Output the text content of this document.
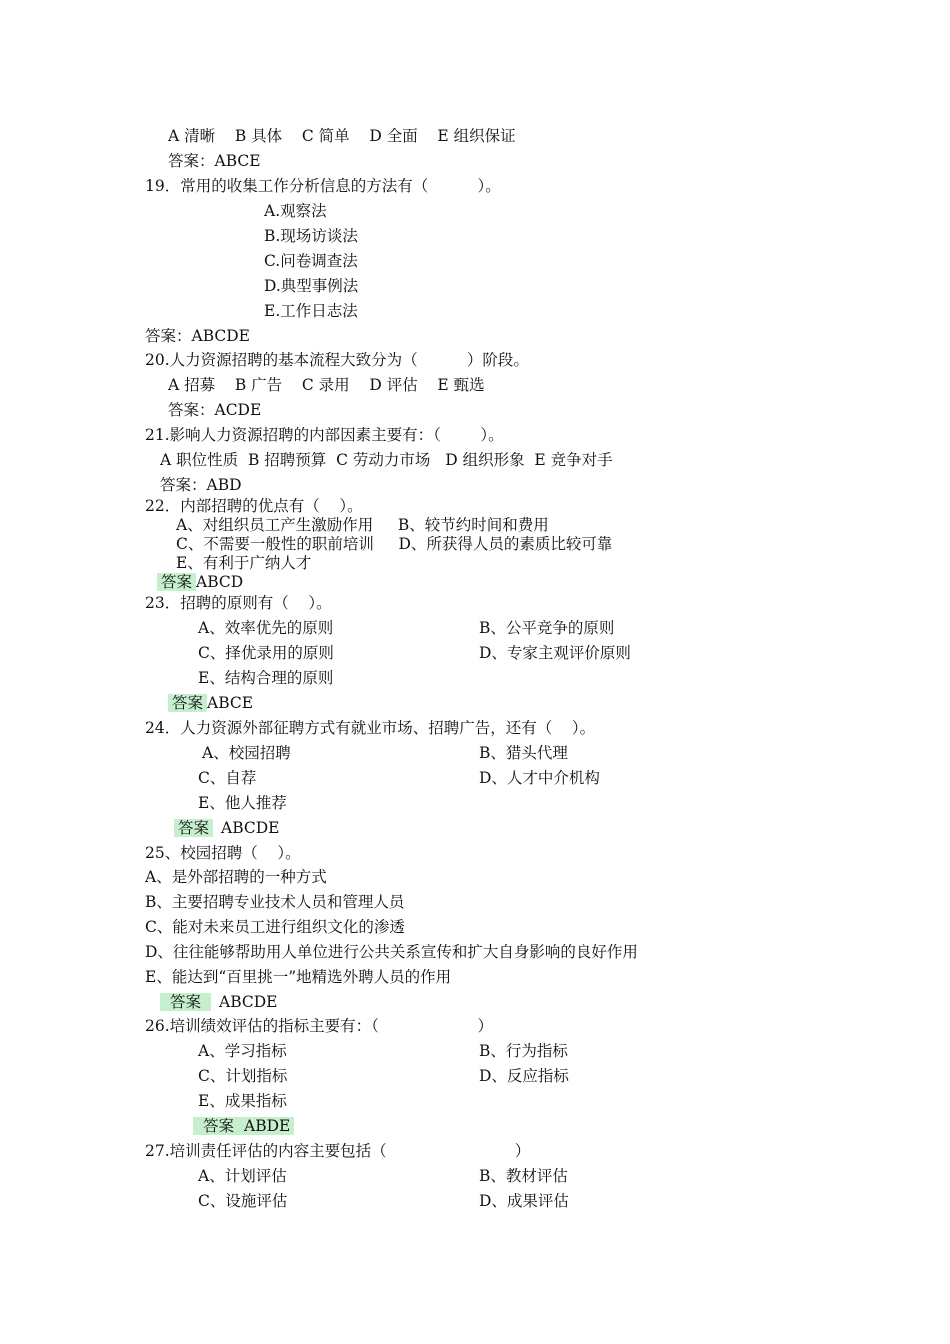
A 清晰    B 具体    C 简单    D 全面    E 组织保证
答案：ABCE
19．常用的收集工作分析信息的方法有（          ）。
A.观察法
B.现场访谈法
C.问卷调查法
D.典型事例法
E.工作日志法
答案：ABCDE
20.人力资源招聘的基本流程大致分为（          ）阶段。
A 招募    B 广告    C 录用    D 评估    E 甄选
答案：ACDE
21.影响人力资源招聘的内部因素主要有：（        ）。
A 职位性质  B 招聘预算  C 劳动力市场   D 组织形象  E 竞争对手
答案：ABD
22．内部招聘的优点有（    ）。
A、对组织员工产生激励作用     B、较节约时间和费用
C、不需要一般性的职前培训     D、所获得人员的素质比较可靠
E、有利于广纳人才
答案 ABCD
23．招聘的原则有（    ）。
A、效率优先的原则	B、公平竞争的原则
C、择优录用的原则	D、专家主观评价原则
E、结构合理的原则
答案 ABCE
24．人力资源外部征聘方式有就业市场、招聘广告，还有（    ）。
A、校园招聘	B、猎头代理
C、自荐	D、人才中介机构
E、他人推荐
答案 ABCDE
25、校园招聘（    ）。
A、是外部招聘的一种方式
B、主要招聘专业技术人员和管理人员
C、能对未来员工进行组织文化的渗透
D、往往能够帮助用人单位进行公共关系宣传和扩大自身影响的良好作用
E、能达到“百里挑一”地精选外聘人员的作用
答案 ABCDE
26.培训绩效评估的指标主要有：（                    ）
A、学习指标	B、行为指标
C、计划指标	D、反应指标
E、成果指标
答案 ABDE
27.培训责任评估的内容主要包括（                          ）
A、计划评估	B、教材评估
C、设施评估	D、成果评估
